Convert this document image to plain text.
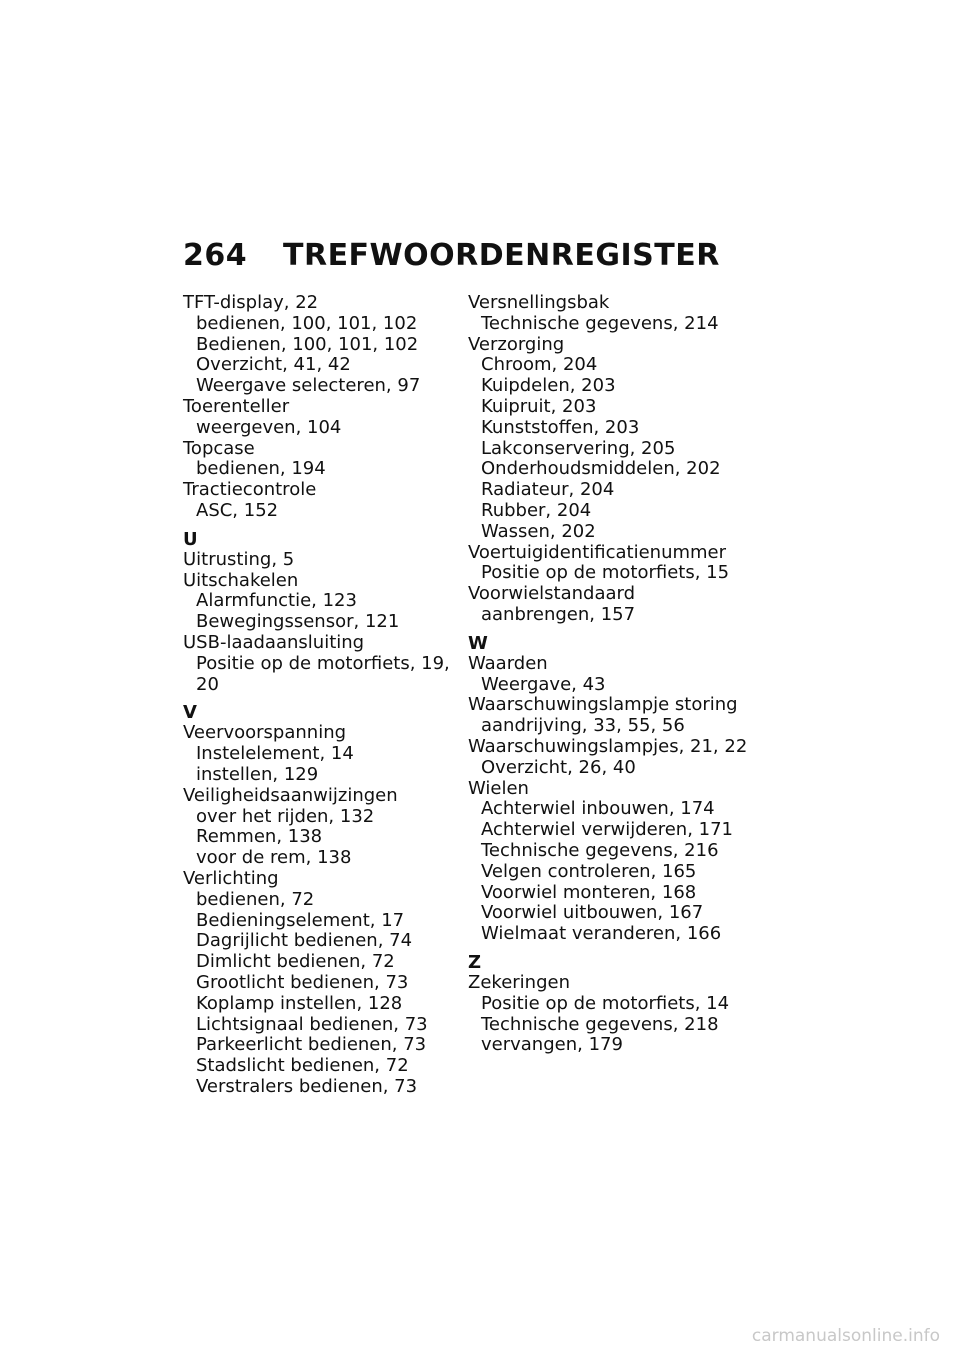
264 TREFWOORDENREGISTER
TFT-display, 22
bedienen, 100, 101, 102
Bedienen, 100, 101, 102
Overzicht, 41, 42
Weergave selecteren, 97
Toerenteller
weergeven, 104
Topcase
bedienen, 194
Tractiecontrole
ASC, 152
U
Uitrusting, 5
Uitschakelen
Alarmfunctie, 123
Bewegingssensor, 121
USB-laadaansluiting
Positie op de motorfiets, 19,
20
V
Veervoorspanning
Instelelement, 14
instellen, 129
Veiligheidsaanwijzingen
over het rijden, 132
Remmen, 138
voor de rem, 138
Verlichting
bedienen, 72
Bedieningselement, 17
Dagrijlicht bedienen, 74
Dimlicht bedienen, 72
Grootlicht bedienen, 73
Koplamp instellen, 128
Lichtsignaal bedienen, 73
Parkeerlicht bedienen, 73
Stadslicht bedienen, 72
Verstralers bedienen, 73
Versnellingsbak
Technische gegevens, 214
Verzorging
Chroom, 204
Kuipdelen, 203
Kuipruit, 203
Kunststoffen, 203
Lakconservering, 205
Onderhoudsmiddelen, 202
Radiateur, 204
Rubber, 204
Wassen, 202
Voertuigidentificatienummer
Positie op de motorfiets, 15
Voorwielstandaard
aanbrengen, 157
W
Waarden
Weergave, 43
Waarschuwingslampje storing
aandrijving, 33, 55, 56
Waarschuwingslampjes, 21, 22
Overzicht, 26, 40
Wielen
Achterwiel inbouwen, 174
Achterwiel verwijderen, 171
Technische gegevens, 216
Velgen controleren, 165
Voorwiel monteren, 168
Voorwiel uitbouwen, 167
Wielmaat veranderen, 166
Z
Zekeringen
Positie op de motorfiets, 14
Technische gegevens, 218
vervangen, 179
carmanualsonline.info
